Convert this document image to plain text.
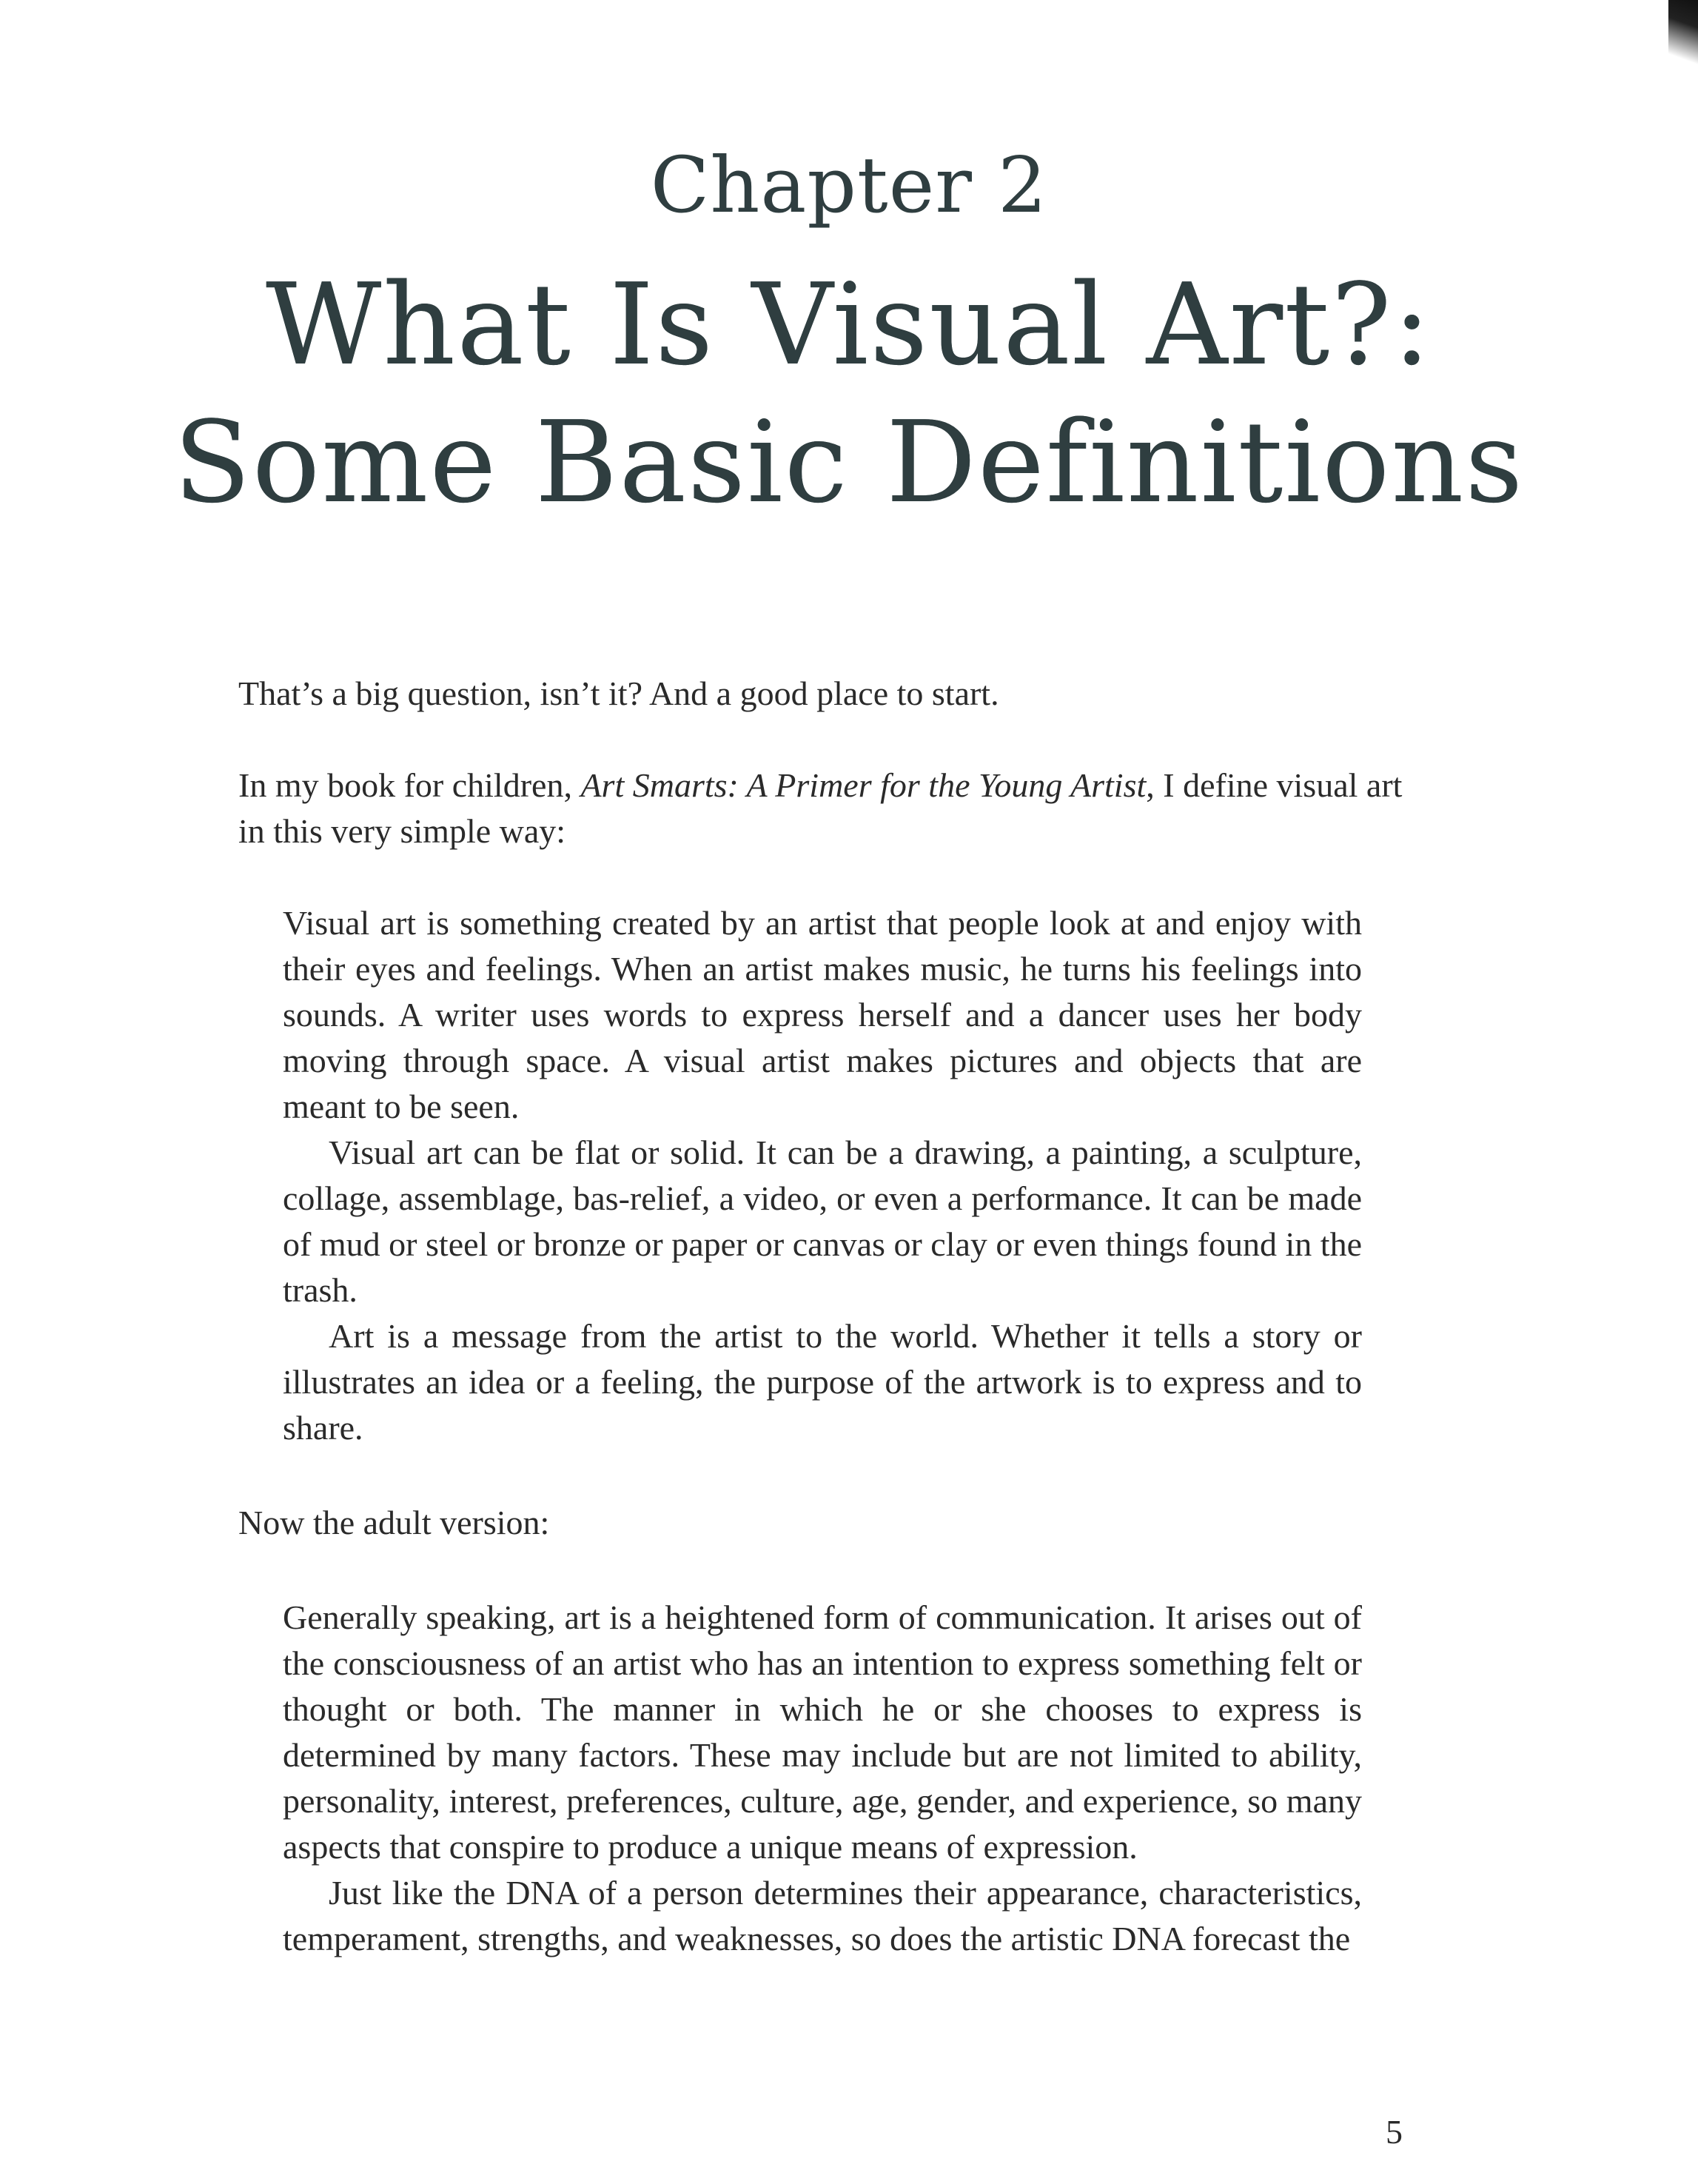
Chapter 2
What Is Visual Art?:
Some Basic Definitions

That’s a big question, isn’t it? And a good place to start.

In my book for children, Art Smarts: A Primer for the Young Artist, I define visual art in this very simple way:

Visual art is something created by an artist that people look at and enjoy with their eyes and feelings. When an artist makes music, he turns his feelings into sounds. A writer uses words to express herself and a dancer uses her body moving through space. A visual artist makes pictures and objects that are meant to be seen.

Visual art can be flat or solid. It can be a drawing, a painting, a sculpture, collage, assemblage, bas-relief, a video, or even a performance. It can be made of mud or steel or bronze or paper or canvas or clay or even things found in the trash.

Art is a message from the artist to the world. Whether it tells a story or illustrates an idea or a feeling, the purpose of the artwork is to express and to share.

Now the adult version:

Generally speaking, art is a heightened form of communication. It arises out of the consciousness of an artist who has an intention to express something felt or thought or both. The manner in which he or she chooses to express is determined by many factors. These may include but are not limited to ability, personality, interest, preferences, culture, age, gender, and experience, so many aspects that conspire to produce a unique means of expression.

Just like the DNA of a person determines their appearance, characteristics, temperament, strengths, and weaknesses, so does the artistic DNA forecast the

5
